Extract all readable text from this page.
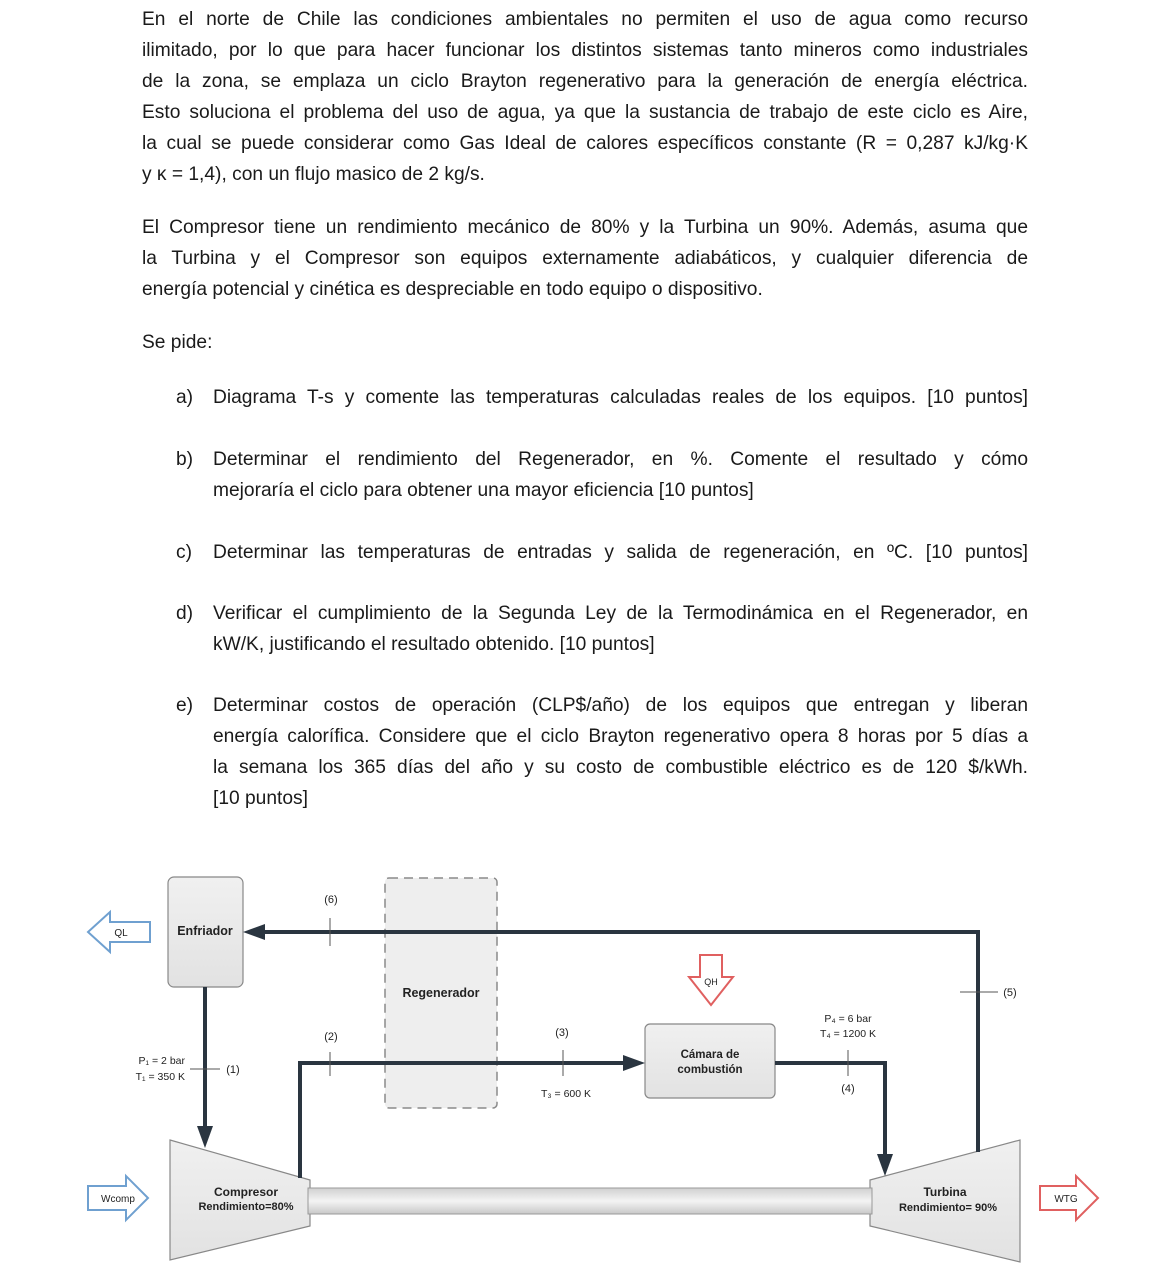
En el norte de Chile las condiciones ambientales no permiten el uso de agua como recurso
ilimitado, por lo que para hacer funcionar los distintos sistemas tanto mineros como industriales
de la zona, se emplaza un ciclo Brayton regenerativo para la generación de energía eléctrica.
Esto soluciona el problema del uso de agua, ya que la sustancia de trabajo de este ciclo es Aire,
la cual se puede considerar como Gas Ideal de calores específicos constante (R = 0,287 kJ/kg·K
y κ = 1,4), con un flujo masico de 2 kg/s.
El Compresor tiene un rendimiento mecánico de 80% y la Turbina un 90%. Además, asuma que
la Turbina y el Compresor son equipos externamente adiabáticos, y cualquier diferencia de
energía potencial y cinética es despreciable en todo equipo o dispositivo.
Se pide:
a)	Diagrama T-s y comente las temperaturas calculadas reales de los equipos. [10 puntos]
b)	Determinar el rendimiento del Regenerador, en %. Comente el resultado y cómo
mejoraría el ciclo para obtener una mayor eficiencia [10 puntos]
c)	Determinar las temperaturas de entradas y salida de regeneración, en ºC. [10 puntos]
d)	Verificar el cumplimiento de la Segunda Ley de la Termodinámica en el Regenerador, en
kW/K, justificando el resultado obtenido. [10 puntos]
e)	Determinar costos de operación (CLP$/año) de los equipos que entregan y liberan
energía calorífica. Considere que el ciclo Brayton regenerativo opera 8 horas por 5 días a
la semana los 365 días del año y su costo de combustible eléctrico es de 120 $/kWh.
[10 puntos]
Enfriador
Regenerador
Cámara de
combustión
Compresor
Rendimiento=80%
Turbina
Rendimiento= 90%
QL
QH
Wcomp	WTG
(6)
(1)
(2)	(3)
(4)
(5)
P₁ = 2 bar
T₁ = 350 K
P₄ = 6 bar
T₄ = 1200 K
T₃ = 600 K
